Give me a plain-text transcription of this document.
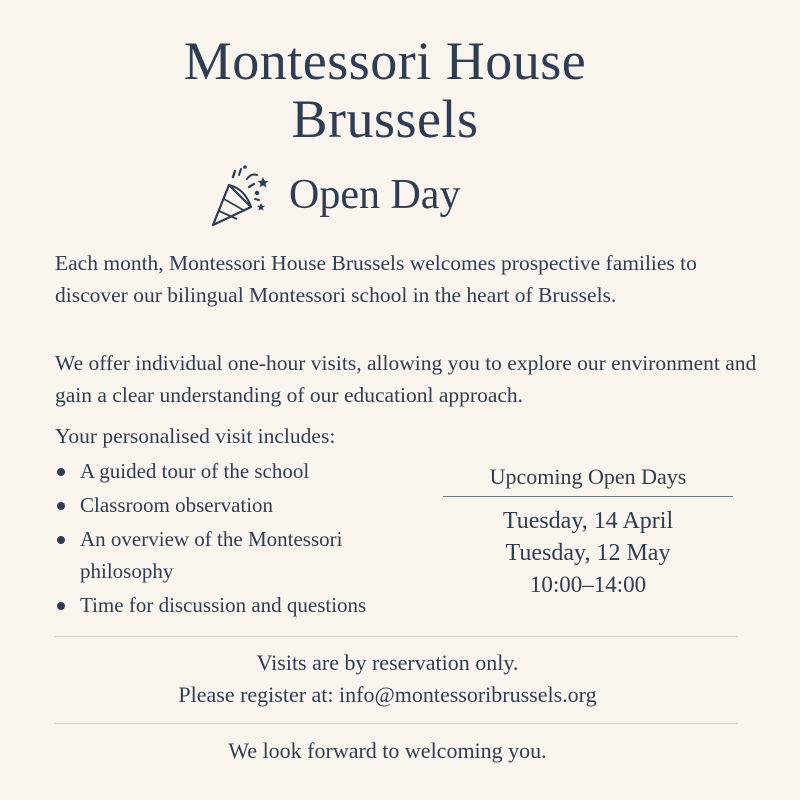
Montessori House
Brussels
Open Day

Each month, Montessori House Brussels welcomes prospective families to discover our bilingual Montessori school in the heart of Brussels.

We offer individual one-hour visits, allowing you to explore our environment and gain a clear understanding of our educationl approach.

Your personalised visit includes:

A guided tour of the school
Classroom observation
An overview of the Montessori philosophy
Time for discussion and questions

Upcoming Open Days

Tuesday, 14 April

Tuesday, 12 May

10:00–14:00

Visits are by reservation only.

Please register at: info@montessoribrussels.org

We look forward to welcoming you.
